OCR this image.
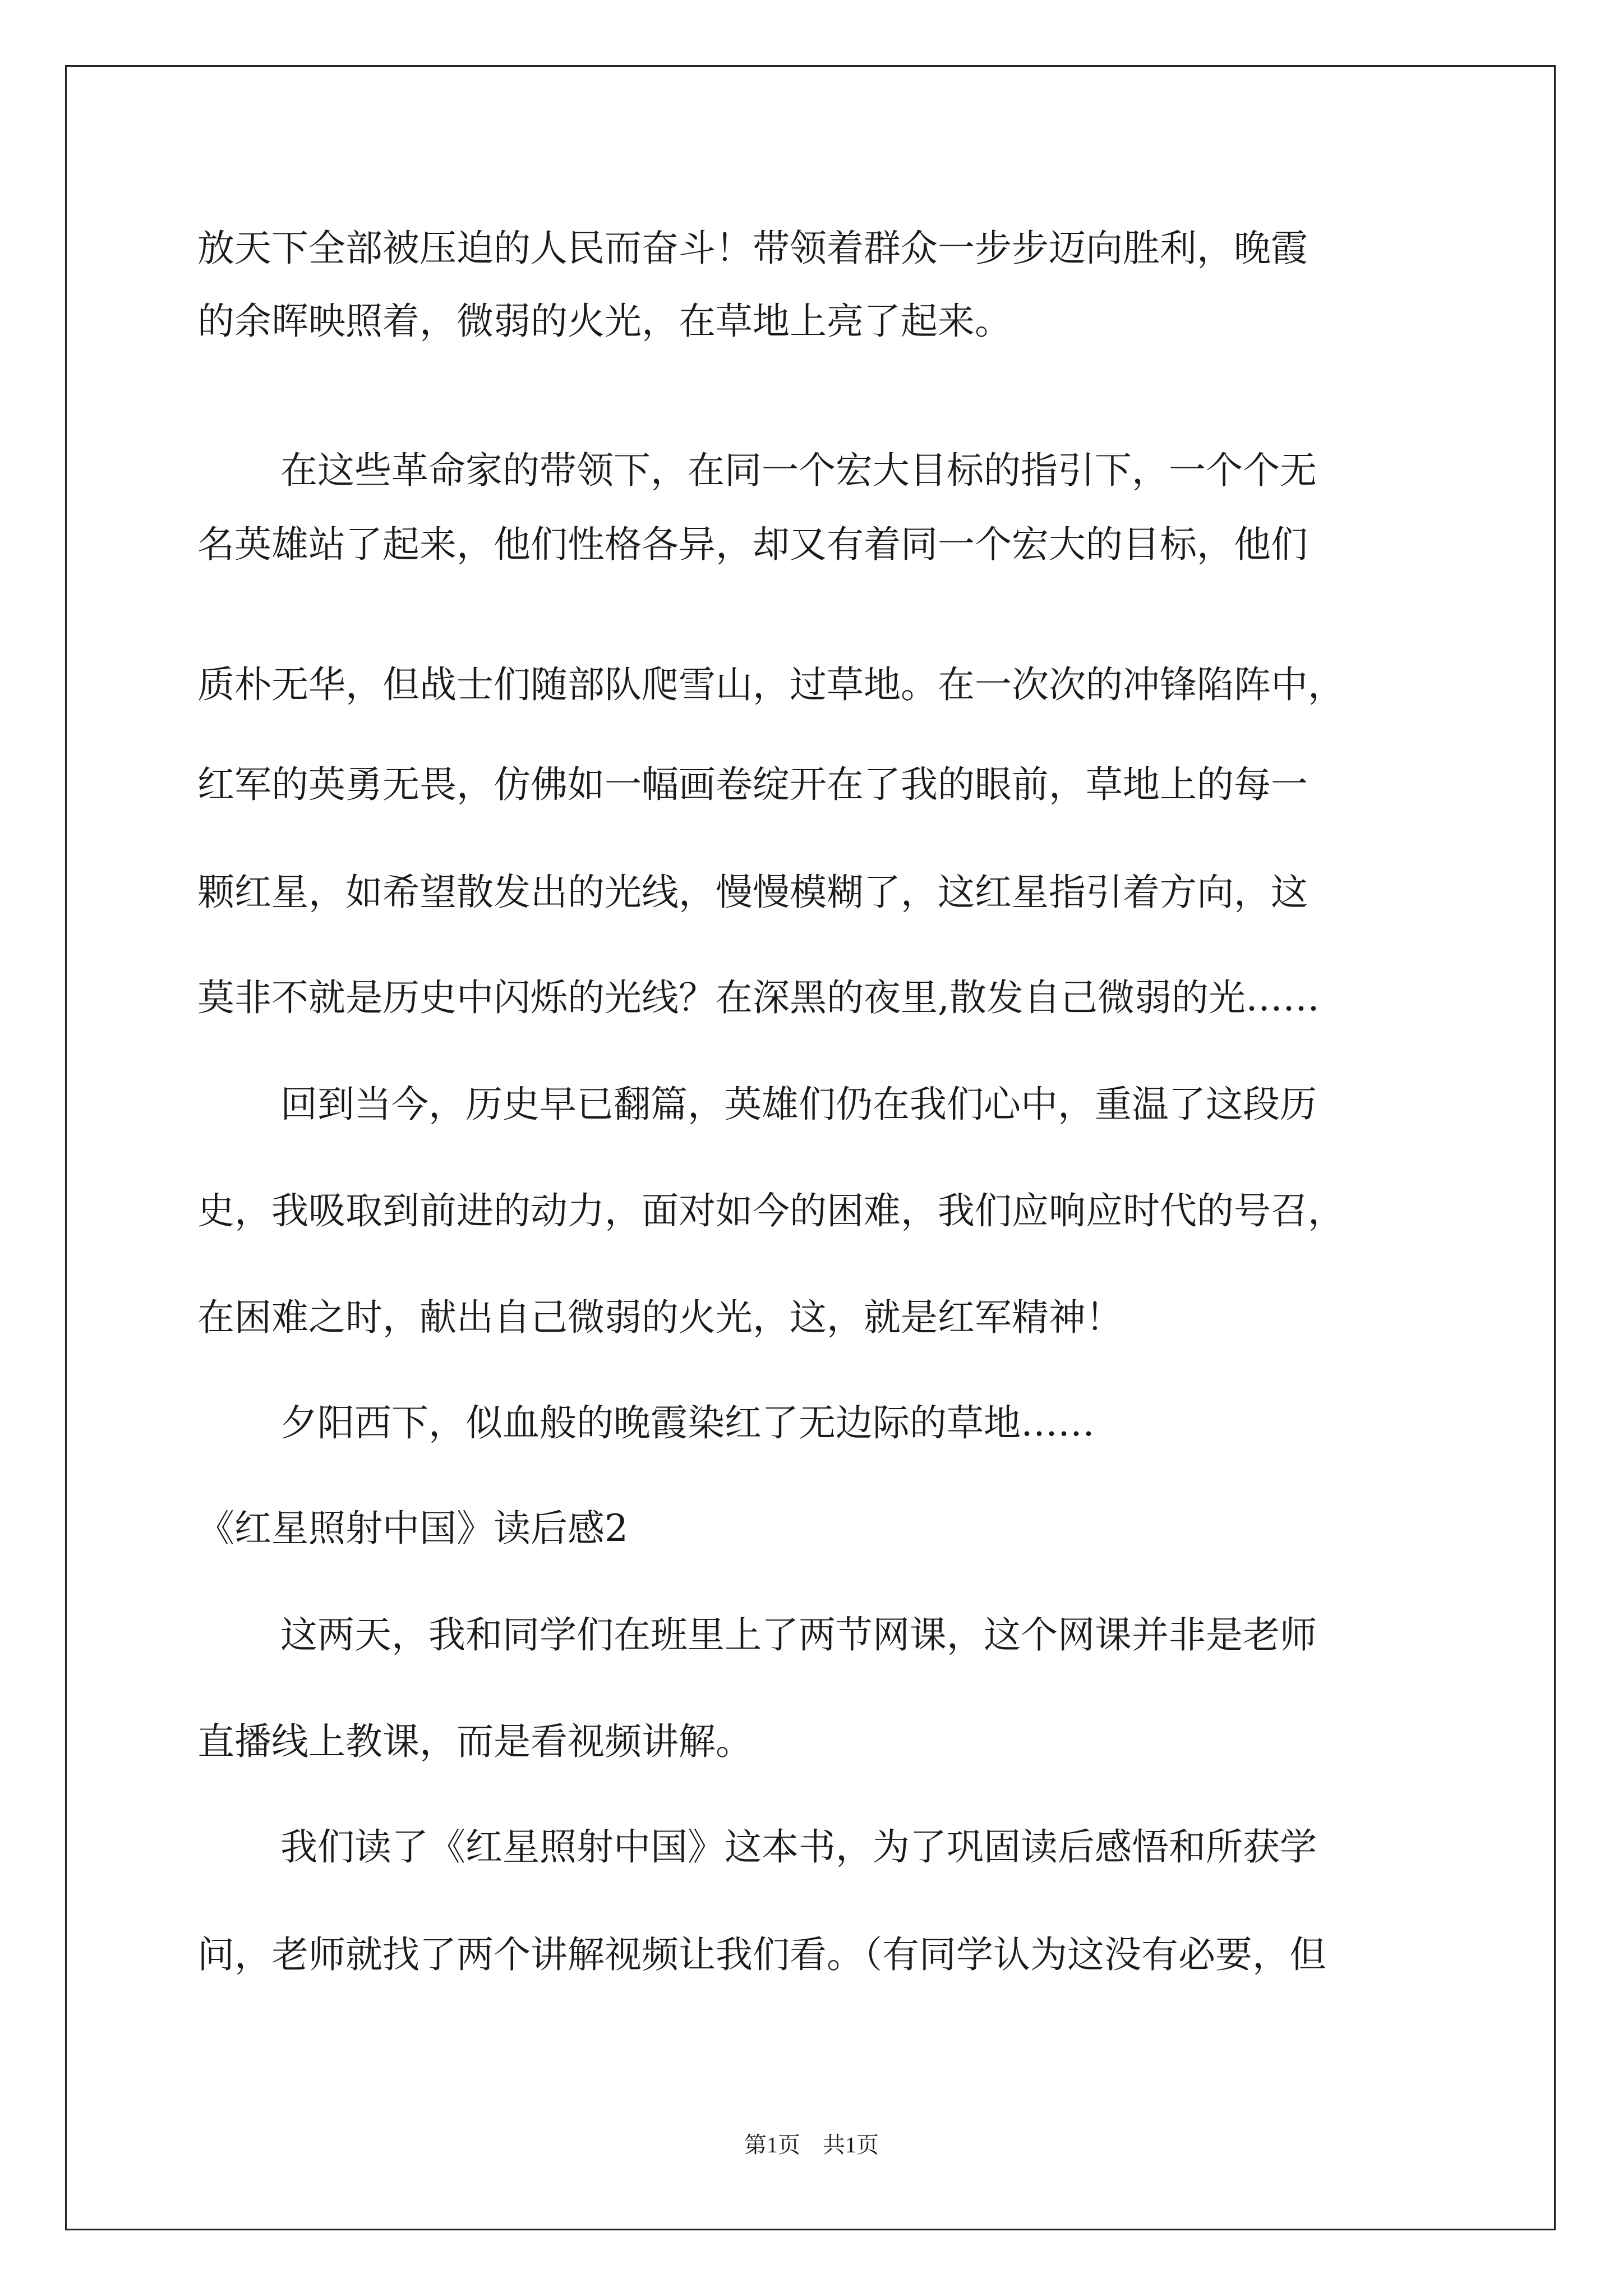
放天下全部被压迫的人民而奋斗！带领着群众一步步迈向胜利，晚霞
的余晖映照着，微弱的火光，在草地上亮了起来。
在这些革命家的带领下，在同一个宏大目标的指引下，一个个无
名英雄站了起来，他们性格各异，却又有着同一个宏大的目标，他们
质朴无华，但战士们随部队爬雪山，过草地。在一次次的冲锋陷阵中，
红军的英勇无畏，仿佛如一幅画卷绽开在了我的眼前，草地上的每一
颗红星，如希望散发出的光线，慢慢模糊了，这红星指引着方向，这
莫非不就是历史中闪烁的光线？在深黑的夜里,散发自己微弱的光……
回到当今，历史早已翻篇，英雄们仍在我们心中，重温了这段历
史，我吸取到前进的动力，面对如今的困难，我们应响应时代的号召，
在困难之时，献出自己微弱的火光，这，就是红军精神！
夕阳西下，似血般的晚霞染红了无边际的草地……
《红星照射中国》读后感2
这两天，我和同学们在班里上了两节网课，这个网课并非是老师
直播线上教课，而是看视频讲解。
我们读了《红星照射中国》这本书，为了巩固读后感悟和所获学
问，老师就找了两个讲解视频让我们看。（有同学认为这没有必要，但
第1页　共1页
